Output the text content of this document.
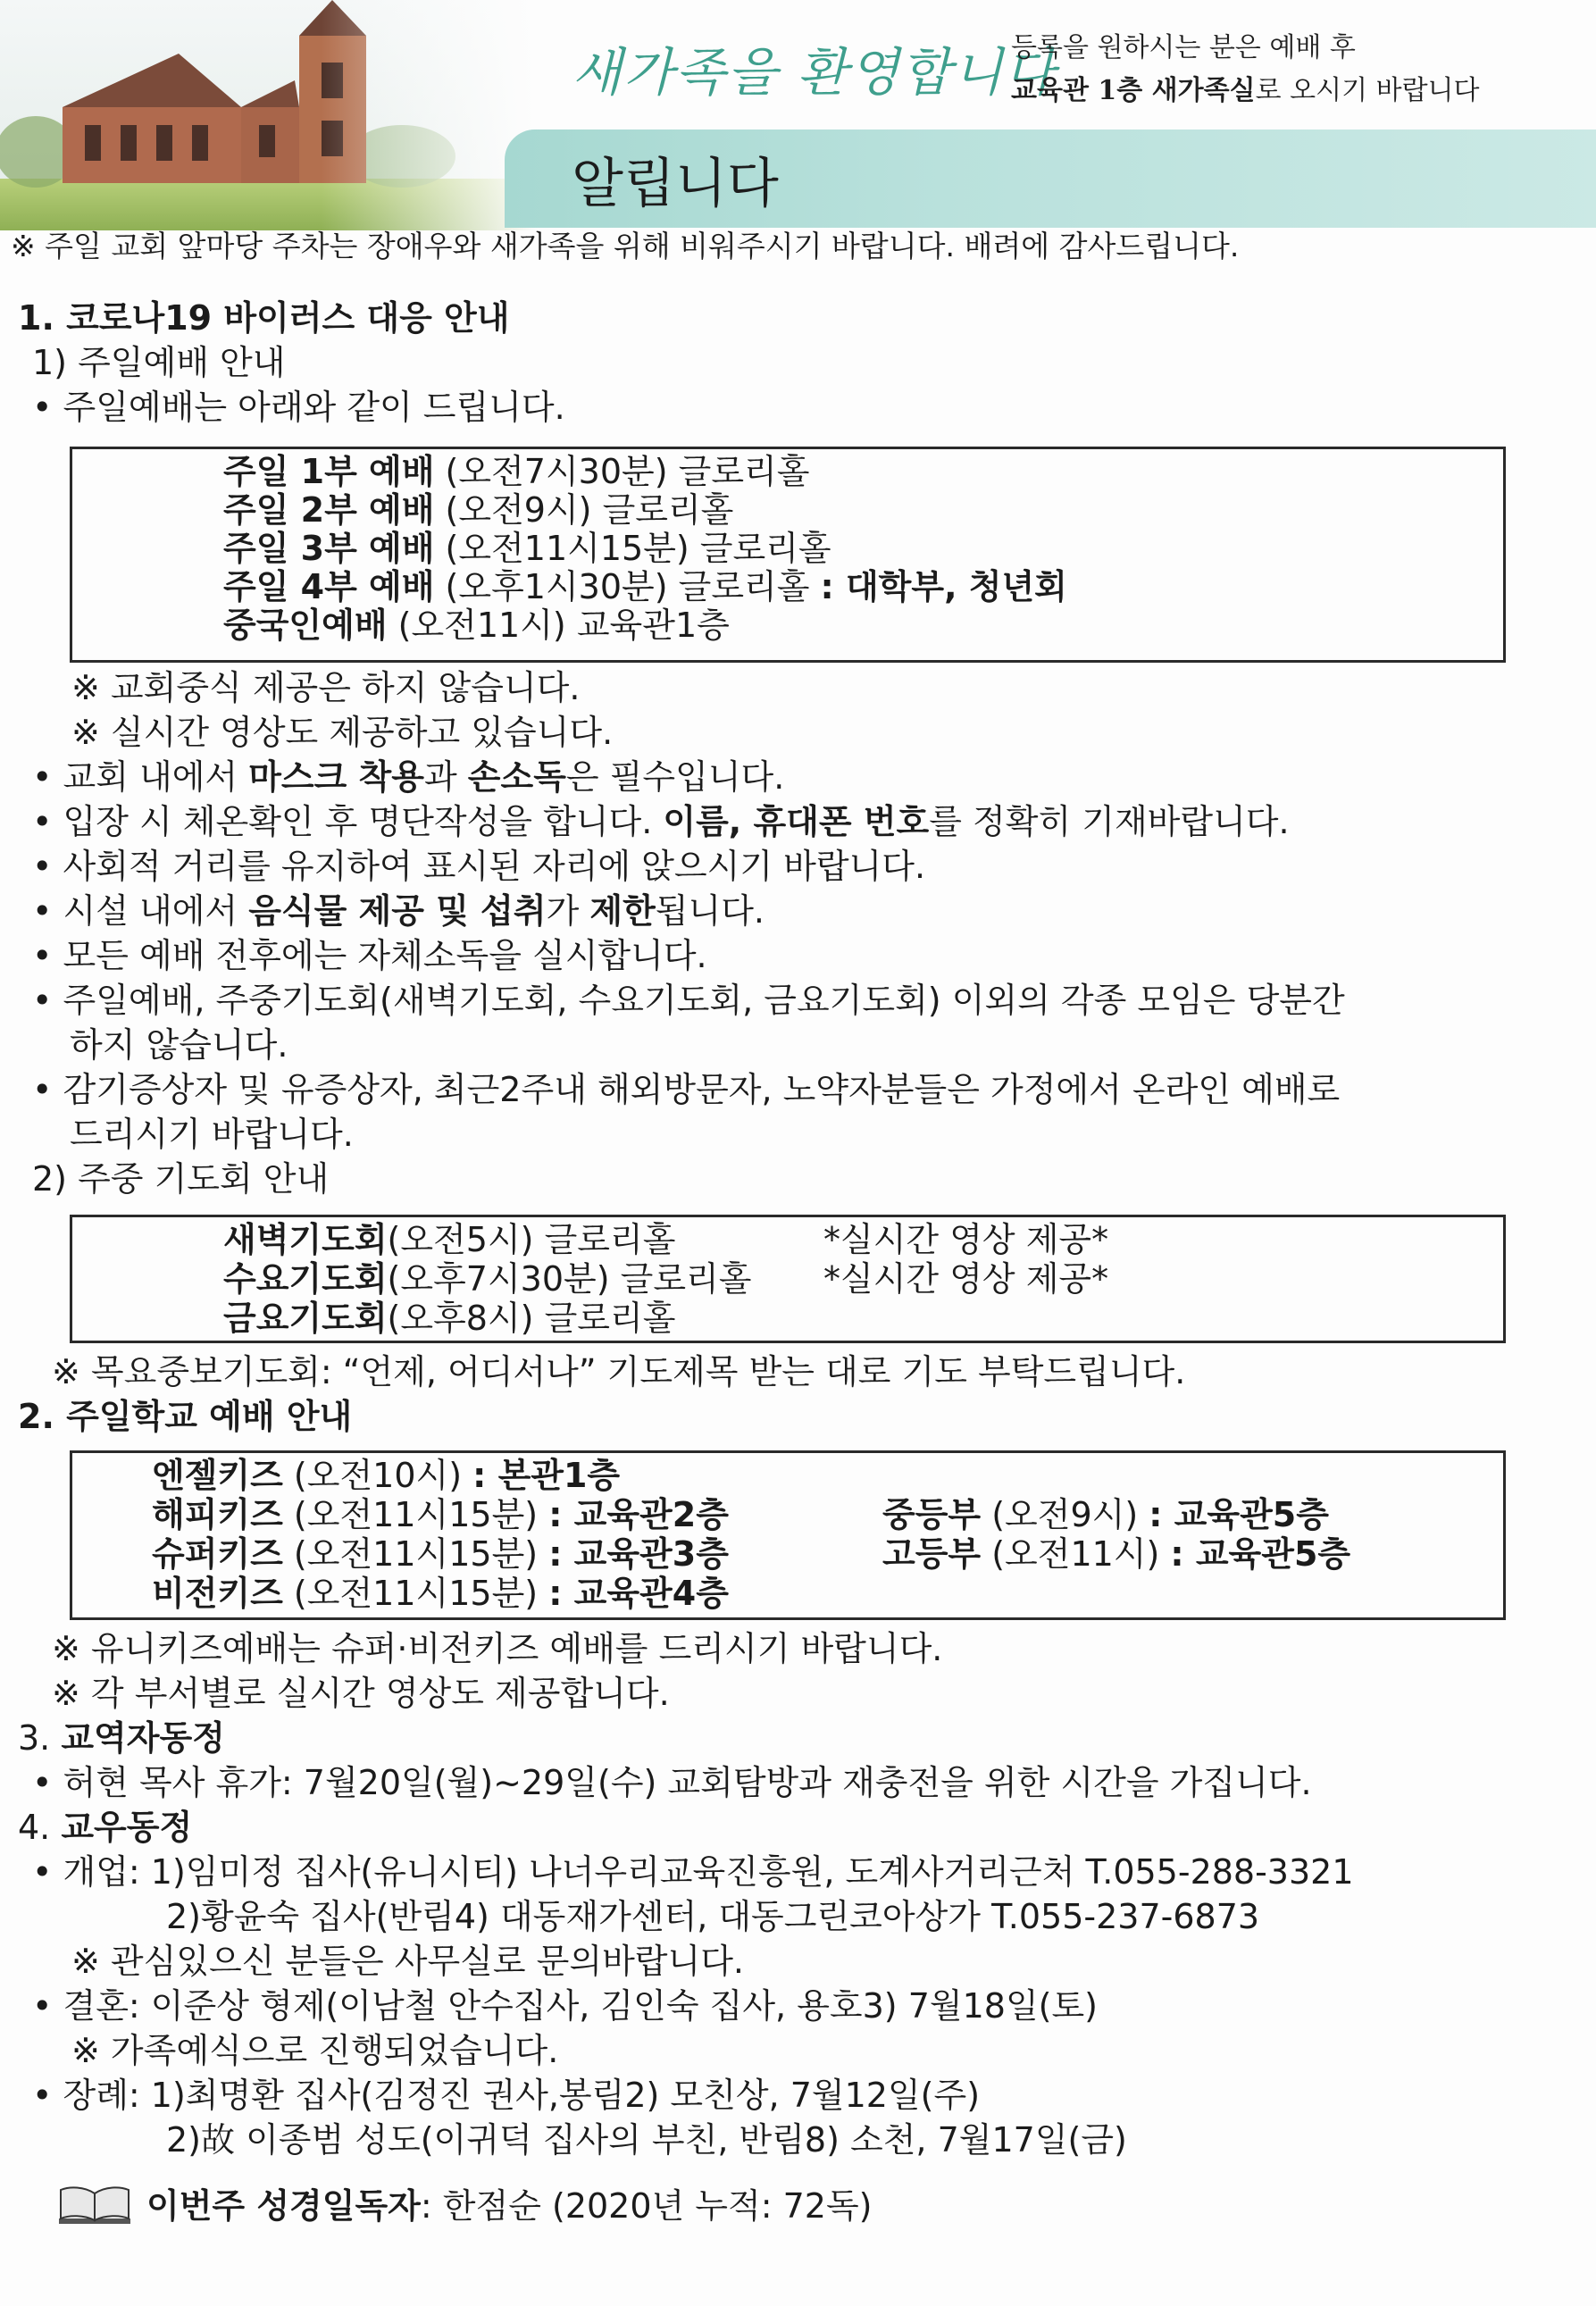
새가족을 환영합니다
등록을 원하시는 분은 예배 후
교육관 1층 새가족실로 오시기 바랍니다
알립니다
※ 주일 교회 앞마당 주차는 장애우와 새가족을 위해 비워주시기 바랍니다. 배려에 감사드립니다.
1. 코로나19 바이러스 대응 안내
1) 주일예배 안내
• 주일예배는 아래와 같이 드립니다.
주일 1부 예배 (오전7시30분) 글로리홀
주일 2부 예배 (오전9시) 글로리홀
주일 3부 예배 (오전11시15분) 글로리홀
주일 4부 예배 (오후1시30분) 글로리홀 : 대학부, 청년회
중국인예배 (오전11시) 교육관1층
※ 교회중식 제공은 하지 않습니다.
※ 실시간 영상도 제공하고 있습니다.
• 교회 내에서 마스크 착용과 손소독은 필수입니다.
• 입장 시 체온확인 후 명단작성을 합니다. 이름, 휴대폰 번호를 정확히 기재바랍니다.
• 사회적 거리를 유지하여 표시된 자리에 앉으시기 바랍니다.
• 시설 내에서 음식물 제공 및 섭취가 제한됩니다.
• 모든 예배 전후에는 자체소독을 실시합니다.
• 주일예배, 주중기도회(새벽기도회, 수요기도회, 금요기도회) 이외의 각종 모임은 당분간
하지 않습니다.
• 감기증상자 및 유증상자, 최근2주내 해외방문자, 노약자분들은 가정에서 온라인 예배로
드리시기 바랍니다.
2) 주중 기도회 안내
새벽기도회(오전5시) 글로리홀	*실시간 영상 제공*
수요기도회(오후7시30분) 글로리홀 *실시간 영상 제공*
금요기도회(오후8시) 글로리홀
※ 목요중보기도회: “언제, 어디서나” 기도제목 받는 대로 기도 부탁드립니다.
2. 주일학교 예배 안내
엔젤키즈 (오전10시) : 본관1층
해피키즈 (오전11시15분) : 교육관2층
슈퍼키즈 (오전11시15분) : 교육관3층
비전키즈 (오전11시15분) : 교육관4층
중등부 (오전9시) : 교육관5층
고등부 (오전11시) : 교육관5층
※ 유니키즈예배는 슈퍼·비전키즈 예배를 드리시기 바랍니다.
※ 각 부서별로 실시간 영상도 제공합니다.
3. 교역자동정
• 허현 목사 휴가: 7월20일(월)~29일(수) 교회탐방과 재충전을 위한 시간을 가집니다.
4. 교우동정
• 개업: 1)임미정 집사(유니시티) 나너우리교육진흥원, 도계사거리근처 T.055-288-3321
2)황윤숙 집사(반림4) 대동재가센터, 대동그린코아상가 T.055-237-6873
※ 관심있으신 분들은 사무실로 문의바랍니다.
• 결혼: 이준상 형제(이남철 안수집사, 김인숙 집사, 용호3) 7월18일(토)
※ 가족예식으로 진행되었습니다.
• 장례: 1)최명환 집사(김정진 권사,봉림2) 모친상, 7월12일(주)
2)故 이종범 성도(이귀덕 집사의 부친, 반림8) 소천, 7월17일(금)
이번주 성경일독자: 한점순 (2020년 누적: 72독)
